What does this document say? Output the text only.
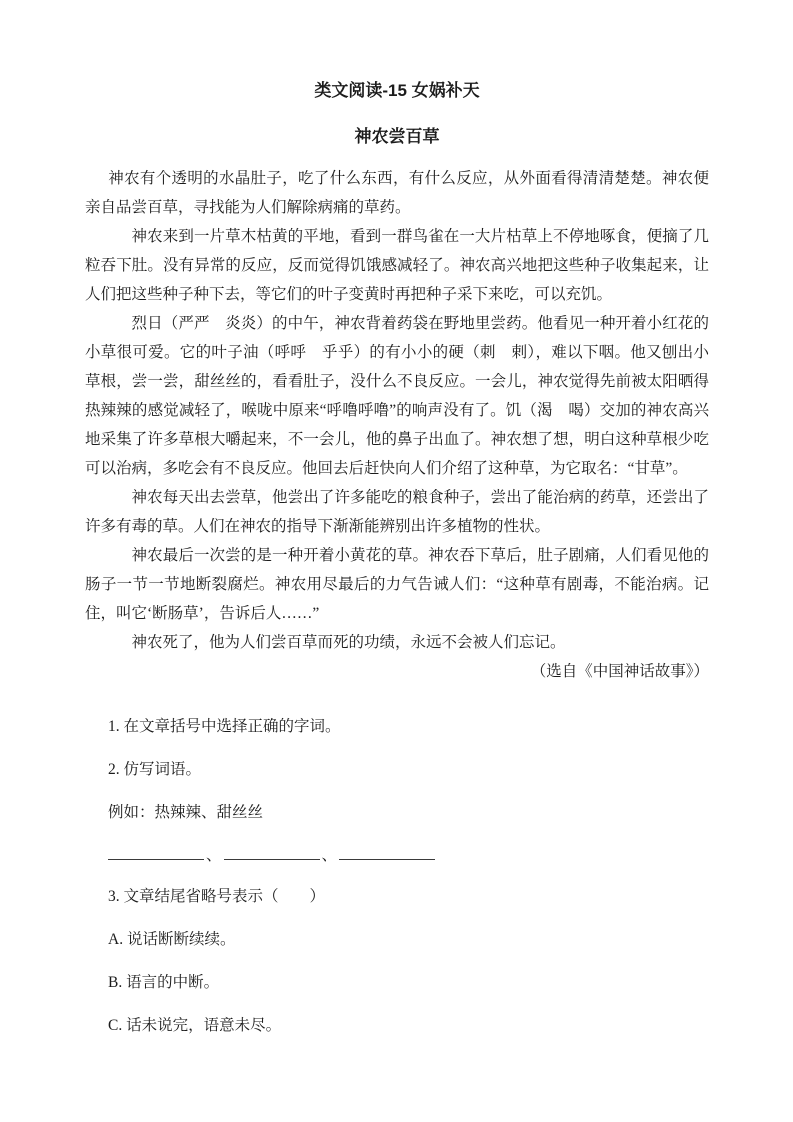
类文阅读-15 女娲补天
神农尝百草

神农有个透明的水晶肚子，吃了什么东西，有什么反应，从外面看得清清楚楚。神农便亲自品尝百草，寻找能为人们解除病痛的草药。

神农来到一片草木枯黄的平地，看到一群鸟雀在一大片枯草上不停地啄食，便摘了几粒吞下肚。没有异常的反应，反而觉得饥饿感减轻了。神农高兴地把这些种子收集起来，让人们把这些种子种下去，等它们的叶子变黄时再把种子采下来吃，可以充饥。

烈日（严严　炎炎）的中午，神农背着药袋在野地里尝药。他看见一种开着小红花的小草很可爱。它的叶子油（呼呼　乎乎）的有小小的硬（刺　剌），难以下咽。他又刨出小草根，尝一尝，甜丝丝的，看看肚子，没什么不良反应。一会儿，神农觉得先前被太阳晒得热辣辣的感觉减轻了，喉咙中原来“呼噜呼噜”的响声没有了。饥（渴　喝）交加的神农高兴地采集了许多草根大嚼起来，不一会儿，他的鼻子出血了。神农想了想，明白这种草根少吃可以治病，多吃会有不良反应。他回去后赶快向人们介绍了这种草，为它取名：“甘草”。

神农每天出去尝草，他尝出了许多能吃的粮食种子，尝出了能治病的药草，还尝出了许多有毒的草。人们在神农的指导下渐渐能辨别出许多植物的性状。

神农最后一次尝的是一种开着小黄花的草。神农吞下草后，肚子剧痛，人们看见他的肠子一节一节地断裂腐烂。神农用尽最后的力气告诫人们：“这种草有剧毒，不能治病。记住，叫它‘断肠草’，告诉后人……”

神农死了，他为人们尝百草而死的功绩，永远不会被人们忘记。

（选自《中国神话故事》）

1. 在文章括号中选择正确的字词。

2. 仿写词语。

例如：热辣辣、甜丝丝

、	、

3. 文章结尾省略号表示（　　）

A. 说话断断续续。

B. 语言的中断。

C. 话未说完，语意未尽。
